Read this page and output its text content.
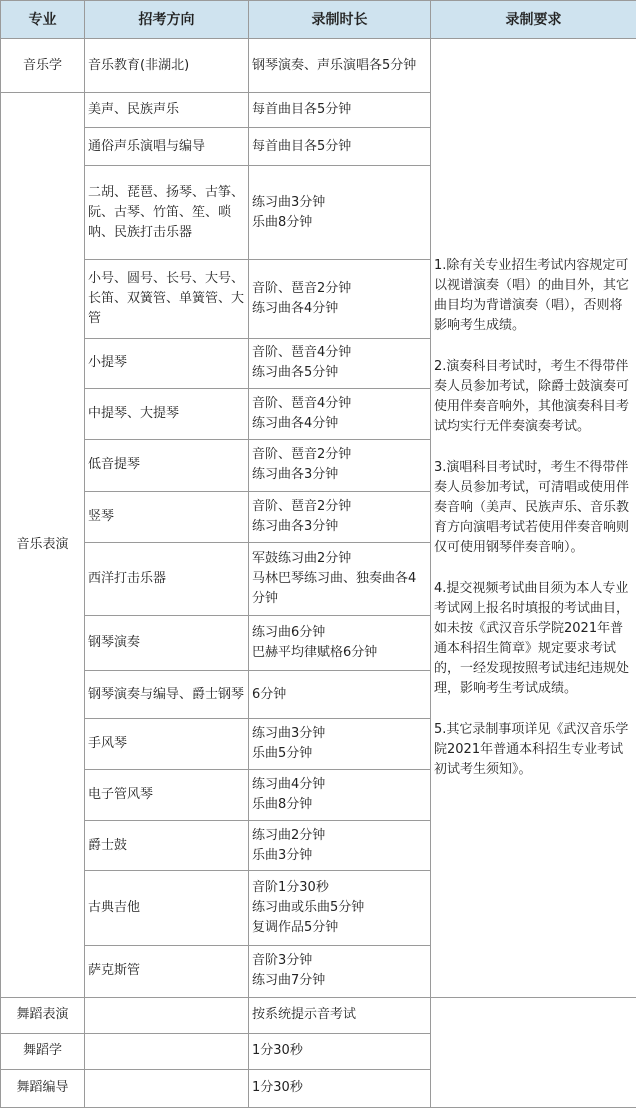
专业	招考方向	录制时长	录制要求
音乐学	音乐教育(非湖北)	钢琴演奏、声乐演唱各5分钟	1.除有关专业招生考试内容规定可以视谱演奏（唱）的曲目外，其它曲目均为背谱演奏（唱），否则将影响考生成绩。
2.演奏科目考试时，考生不得带伴奏人员参加考试，除爵士鼓演奏可使用伴奏音响外，其他演奏科目考试均实行无伴奏演奏考试。
3.演唱科目考试时，考生不得带伴奏人员参加考试，可清唱或使用伴奏音响（美声、民族声乐、音乐教育方向演唱考试若使用伴奏音响则仅可使用钢琴伴奏音响）。
4.提交视频考试曲目须为本人专业考试网上报名时填报的考试曲目，如未按《武汉音乐学院2021年普通本科招生简章》规定要求考试的，一经发现按照考试违纪违规处理，影响考生考试成绩。
5.其它录制事项详见《武汉音乐学院2021年普通本科招生专业考试初试考生须知》。

音乐表演	美声、民族声乐	每首曲目各5分钟	

	通俗声乐演唱与编导	每首曲目各5分钟	

	二胡、琵琶、扬琴、古筝、阮、古琴、竹笛、笙、唢呐、民族打击乐器	练习曲3分钟
乐曲8分钟	

	小号、圆号、长号、大号、长笛、双簧管、单簧管、大管	音阶、琶音2分钟
练习曲各4分钟	

	小提琴	音阶、琶音4分钟
练习曲各5分钟	

	中提琴、大提琴	音阶、琶音4分钟
练习曲各4分钟	

	低音提琴	音阶、琶音2分钟
练习曲各3分钟	

	竖琴	音阶、琶音2分钟
练习曲各3分钟	

	西洋打击乐器	军鼓练习曲2分钟
马林巴琴练习曲、独奏曲各4分钟	

	钢琴演奏	练习曲6分钟
巴赫平均律赋格6分钟	

	钢琴演奏与编导、爵士钢琴	6分钟	

	手风琴	练习曲3分钟
乐曲5分钟	

	电子管风琴	练习曲4分钟
乐曲8分钟	

	爵士鼓	练习曲2分钟
乐曲3分钟	

	古典吉他	音阶1分30秒
练习曲或乐曲5分钟
复调作品5分钟	

	萨克斯管	音阶3分钟
练习曲7分钟	

舞蹈表演		按系统提示音考试	

舞蹈学		1分30秒	

舞蹈编导		1分30秒	
